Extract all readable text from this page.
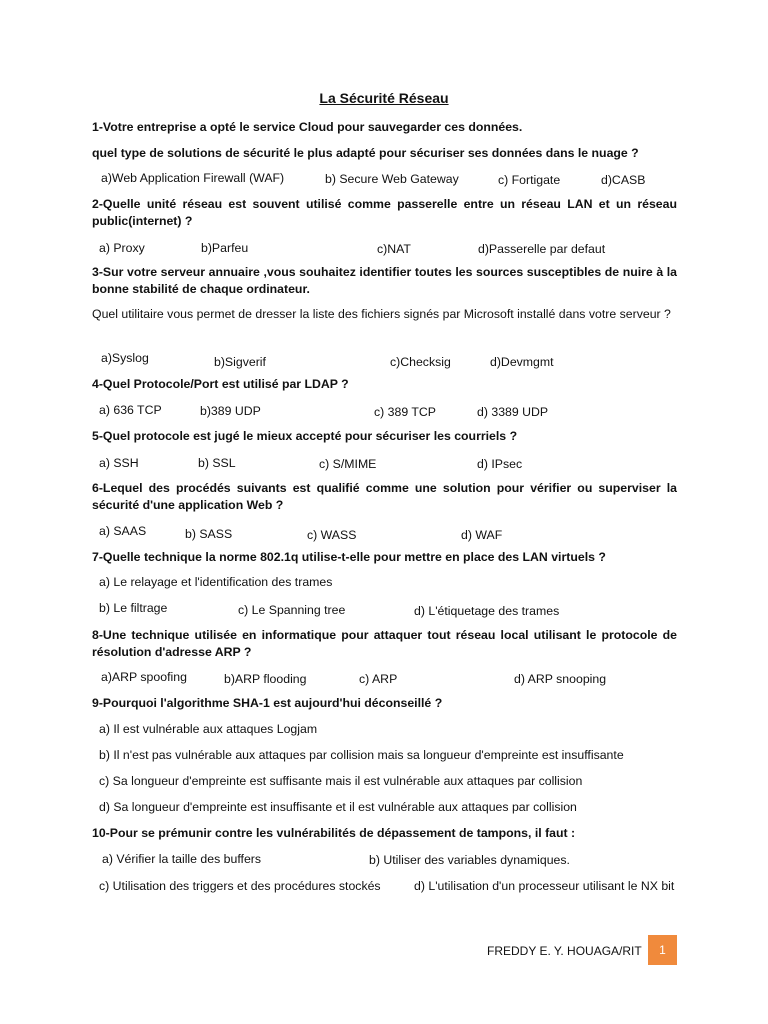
La Sécurité Réseau
1-Votre entreprise a opté le service Cloud pour sauvegarder ces données.
quel type de solutions de sécurité le plus adapté pour sécuriser ses données dans le nuage ?
a)Web Application Firewall (WAF)	b) Secure Web Gateway	c) Fortigate	d)CASB
2-Quelle unité réseau est souvent utilisé comme passerelle entre un réseau LAN et un réseau public(internet) ?
a) Proxy	b)Parfeu	c)NAT	d)Passerelle par defaut
3-Sur votre serveur annuaire ,vous souhaitez identifier toutes les sources susceptibles de nuire à la bonne stabilité de chaque ordinateur.
Quel utilitaire vous permet de dresser la liste des fichiers signés par Microsoft installé dans votre serveur ?
a)Syslog	b)Sigverif	c)Checksig	d)Devmgmt
4-Quel Protocole/Port est utilisé par LDAP ?
a) 636 TCP	b)389 UDP	c) 389 TCP	d) 3389 UDP
5-Quel protocole est jugé le mieux accepté pour sécuriser les courriels ?
a) SSH	b) SSL	c) S/MIME	d) IPsec
6-Lequel des procédés suivants est qualifié comme une solution pour vérifier ou superviser la sécurité d'une application Web ?
a) SAAS	b) SASS	c) WASS	d) WAF
7-Quelle technique la norme 802.1q utilise-t-elle pour mettre en place des LAN virtuels ?
a) Le relayage et l'identification des trames
b) Le filtrage	c) Le Spanning tree	d) L'étiquetage des trames
8-Une technique utilisée en informatique pour attaquer tout réseau local utilisant le protocole de résolution d'adresse ARP ?
a)ARP spoofing	b)ARP flooding	c) ARP	d) ARP snooping
9-Pourquoi l'algorithme SHA-1 est aujourd'hui déconseillé ?
a) Il est vulnérable aux attaques Logjam
b) Il n'est pas vulnérable aux attaques par collision mais sa longueur d'empreinte est insuffisante
c) Sa longueur d'empreinte est suffisante mais il est vulnérable aux attaques par collision
d) Sa longueur d'empreinte est insuffisante et il est vulnérable aux attaques par collision
10-Pour se prémunir contre les vulnérabilités de dépassement de tampons, il faut :
a) Vérifier la taille des buffers	b) Utiliser des variables dynamiques.
c) Utilisation des triggers et des procédures stockés	d) L'utilisation d'un processeur utilisant le NX bit
FREDDY E. Y. HOUAGA/RIT	1
